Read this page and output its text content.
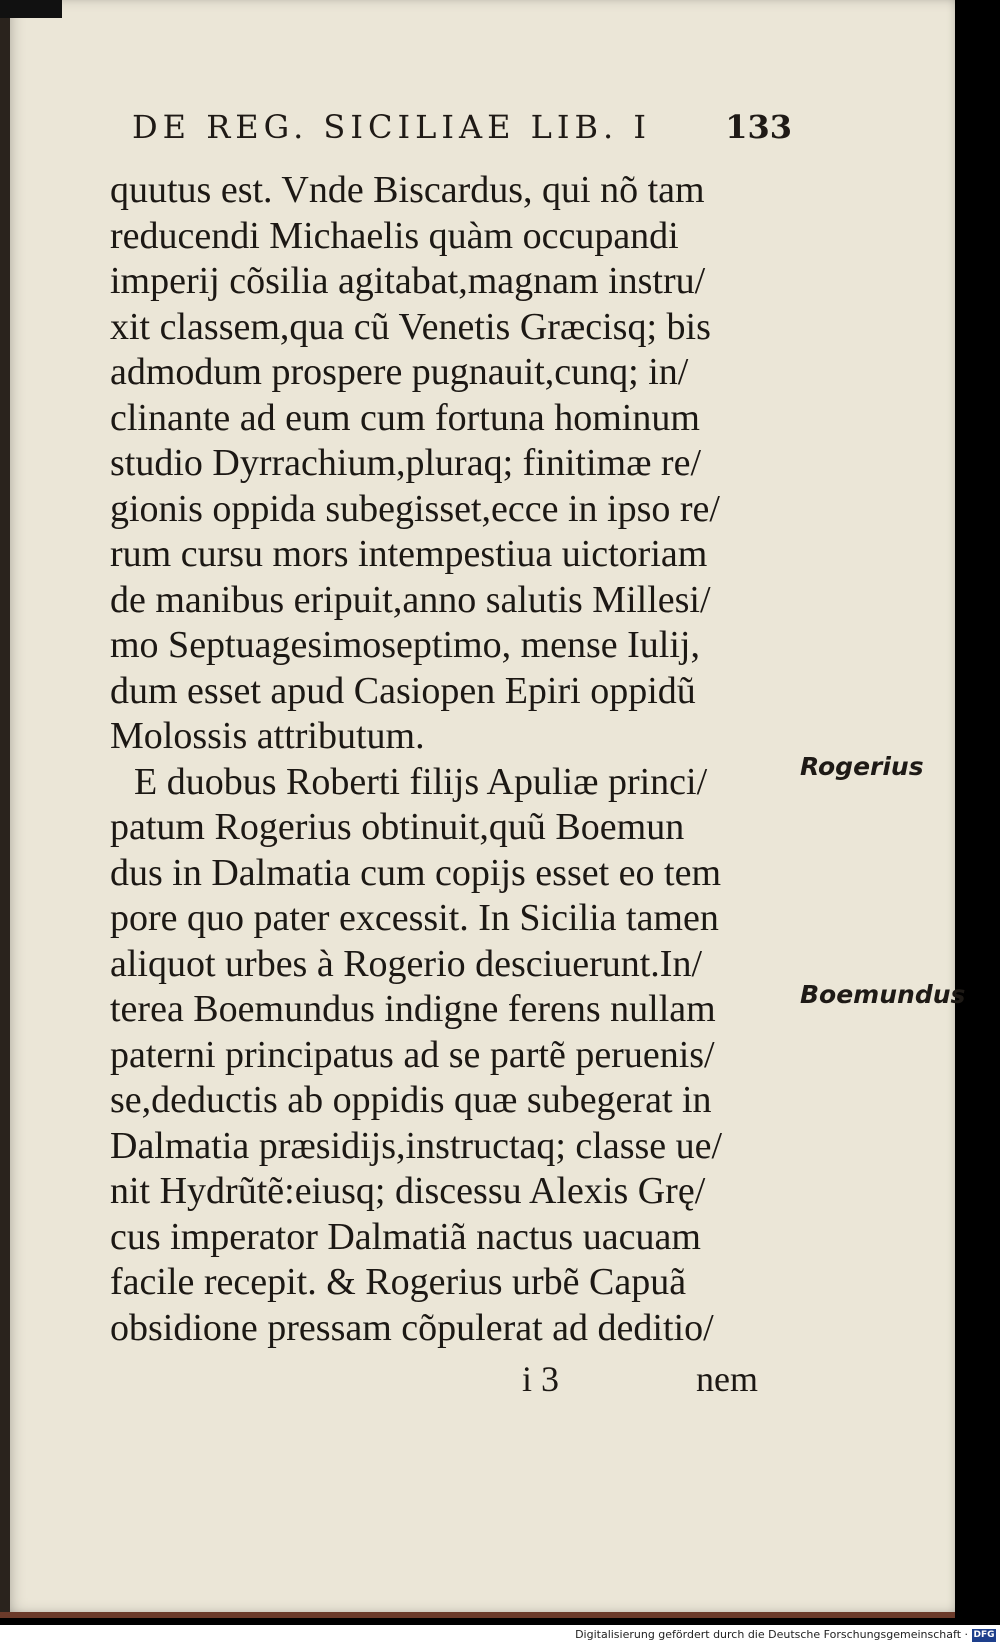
DE REG. SICILIAE LIB. I 133
quutus est. Vnde Biscardus, qui nõ tam
reducendi Michaelis quàm occupandi
imperij cõsilia agitabat,magnam instru/
xit classem,qua cũ Venetis Græcisq; bis
admodum prospere pugnauit,cunq; in/
clinante ad eum cum fortuna hominum
studio Dyrrachium,pluraq; finitimæ re/
gionis oppida subegisset,ecce in ipso re/
rum cursu mors intempestiua uictoriam
de manibus eripuit,anno salutis Millesi/
mo Septuagesimoseptimo, mense Iulij,
dum esset apud Casiopen Epiri oppidũ
Molossis attributum.
E duobus Roberti filijs Apuliæ princi/
patum Rogerius obtinuit,quũ Boemun
dus in Dalmatia cum copijs esset eo tem
pore quo pater excessit. In Sicilia tamen
aliquot urbes à Rogerio desciuerunt.In/
terea Boemundus indigne ferens nullam
paterni principatus ad se partẽ peruenis/
se,deductis ab oppidis quæ subegerat in
Dalmatia præsidijs,instructaq; classe ue/
nit Hydrũtẽ:eiusq; discessu Alexis Grę/
cus imperator Dalmatiã nactus uacuam
facile recepit. & Rogerius urbẽ Capuã
obsidione pressam cõpulerat ad deditio/
i 3	nem
Rogerius
Boemundus
Digitalisierung gefördert durch die Deutsche Forschungsgemeinschaft · DFG
